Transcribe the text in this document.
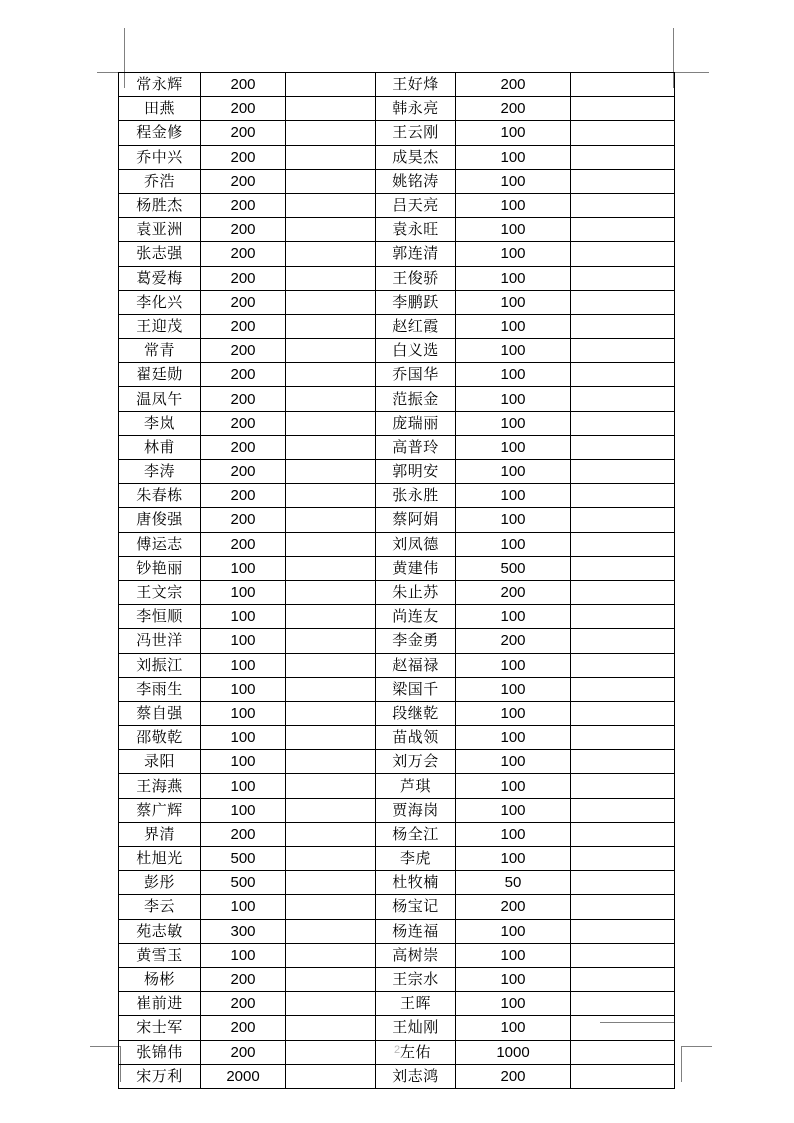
常永辉	200		王好烽	200	
田燕	200		韩永亮	200	
程金修	200		王云刚	100	
乔中兴	200		成昊杰	100	
乔浩	200		姚铭涛	100	
杨胜杰	200		吕天亮	100	
袁亚洲	200		袁永旺	100	
张志强	200		郭连清	100	
葛爱梅	200		王俊骄	100	
李化兴	200		李鹏跃	100	
王迎茂	200		赵红霞	100	
常青	200		白义选	100	
翟廷勋	200		乔国华	100	
温凤午	200		范振金	100	
李岚	200		庞瑞丽	100	
林甫	200		高普玲	100	
李涛	200		郭明安	100	
朱春栋	200		张永胜	100	
唐俊强	200		蔡阿娟	100	
傅运志	200		刘凤德	100	
钞艳丽	100		黄建伟	500	
王文宗	100		朱止苏	200	
李恒顺	100		尚连友	100	
冯世洋	100		李金勇	200	
刘振江	100		赵福禄	100	
李雨生	100		梁国千	100	
蔡自强	100		段继乾	100	
邵敬乾	100		苗战领	100	
录阳	100		刘万会	100	
王海燕	100		芦琪	100	
蔡广辉	100		贾海岗	100	
界清	200		杨全江	100	
杜旭光	500		李虎	100	
彭彤	500		杜牧楠	50	
李云	100		杨宝记	200	
苑志敏	300		杨连福	100	
黄雪玉	100		高树崇	100	
杨彬	200		王宗水	100	
崔前进	200		王晖	100	
宋士军	200		王灿刚	100	
张锦伟	200		左佑	1000	
宋万利	2000		刘志鸿	200	
2
